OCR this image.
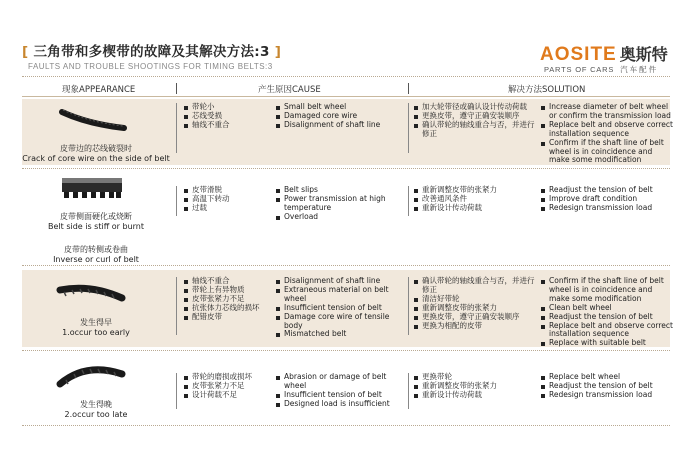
[ 三角带和多楔带的故障及其解决方法:3 ]
FAULTS AND TROUBLE SHOOTINGS FOR TIMING BELTS:3
AOSITE 奥斯特
PARTS OF CARS 汽车配件
现象APPEARANCE	产生原因CAUSE	解决方法SOLUTION
皮带边的芯线破裂时
Crack of core wire on the side of belt
带轮小
芯线受损
轴线不重合
Small belt wheel
Damaged core wire
Disalignment of shaft line
加大轮带径或确认设计传动荷载
更换皮带，遵守正确安装顺序
确认带轮的轴线重合与否，并进行修正
Increase diameter of belt wheel or confirm the transmission load
Replace belt and observe correct installation sequence
Confirm if the shaft line of belt wheel is in coincidence and make some modification
皮带侧面硬化或烧断
Belt side is stiff or burnt
皮带滑脱
高温下转动
过载
Belt slips
Power transmission at high temperature
Overload
重新调整皮带的张紧力
改善通风条件
重新设计传动荷载
Readjust the tension of belt
Improve draft condition
Redesign transmission load
皮带的转侧或卷曲
Inverse or curl of belt
发生得早
1.occur too early
轴线不重合
带轮上有异物质
皮带张紧力不足
抗张体力芯线的损坏
配错皮带
Disalignment of shaft line
Extraneous material on belt wheel
Insufficient tension of belt
Damage core wire of tensile body
Mismatched belt
确认带轮的轴线重合与否，并进行修正
清洁好带轮
重新调整皮带的张紧力
更换皮带，遵守正确安装顺序
更换为相配的皮带
Confirm if the shaft line of belt wheel is in coincidence and make some modification
Clean belt wheel
Readjust the tension of belt
Replace belt and observe correct installation sequence
Replace with suitable belt
发生得晚
2.occur too late
带轮的磨损或损坏
皮带张紧力不足
设计荷载不足
Abrasion or damage of belt wheel
Insufficient tension of belt
Designed load is insufficient
更换带轮
重新调整皮带的张紧力
重新设计传动荷载
Replace belt wheel
Readjust the tension of belt
Redesign transmission load
